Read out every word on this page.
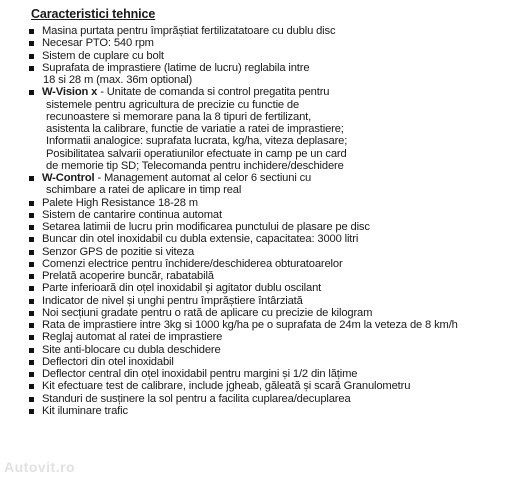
Caracteristici tehnice
Masina purtata pentru împrăștiat fertilizatatoare cu dublu disc
Necesar PTO: 540 rpm
Sistem de cuplare cu bolt
Suprafata de imprastiere (latime de lucru) reglabila intre
18 si 28 m (max. 36m optional)
W-Vision x - Unitate de comanda si control pregatita pentru
sistemele pentru agricultura de precizie cu functie de
recunoastere si memorare pana la 8 tipuri de fertilizant,
asistenta la calibrare, functie de variatie a ratei de imprastiere;
Informatii analogice: suprafata lucrata, kg/ha, viteza deplasare;
Posibilitatea salvarii operatiunilor efectuate in camp pe un card
de memorie tip SD; Telecomanda pentru inchidere/deschidere
W-Control - Management automat al celor 6 sectiuni cu
schimbare a ratei de aplicare in timp real
Palete High Resistance 18-28 m
Sistem de cantarire continua automat
Setarea latimii de lucru prin modificarea punctului de plasare pe disc
Buncar din otel inoxidabil cu dubla extensie, capacitatea: 3000 litri
Senzor GPS de pozitie si viteza
Comenzi electrice pentru închidere/deschiderea obturatoarelor
Prelată acoperire buncăr, rabatabilă
Parte inferioară din oțel inoxidabil și agitator dublu oscilant
Indicator de nivel și unghi pentru împrăștiere întârziată
Noi secțiuni gradate pentru o rată de aplicare cu precizie de kilogram
Rata de imprastiere intre 3kg si 1000 kg/ha pe o suprafata de 24m la veteza de 8 km/h
Reglaj automat al ratei de imprastiere
Site anti-blocare cu dubla deschidere
Deflectori din otel inoxidabil
Deflector central din oțel inoxidabil pentru margini și 1/2 din lățime
Kit efectuare test de calibrare, include jgheab, găleată și scară Granulometru
Standuri de susținere la sol pentru a facilita cuplarea/decuplarea
Kit iluminare trafic
Autovit.ro
